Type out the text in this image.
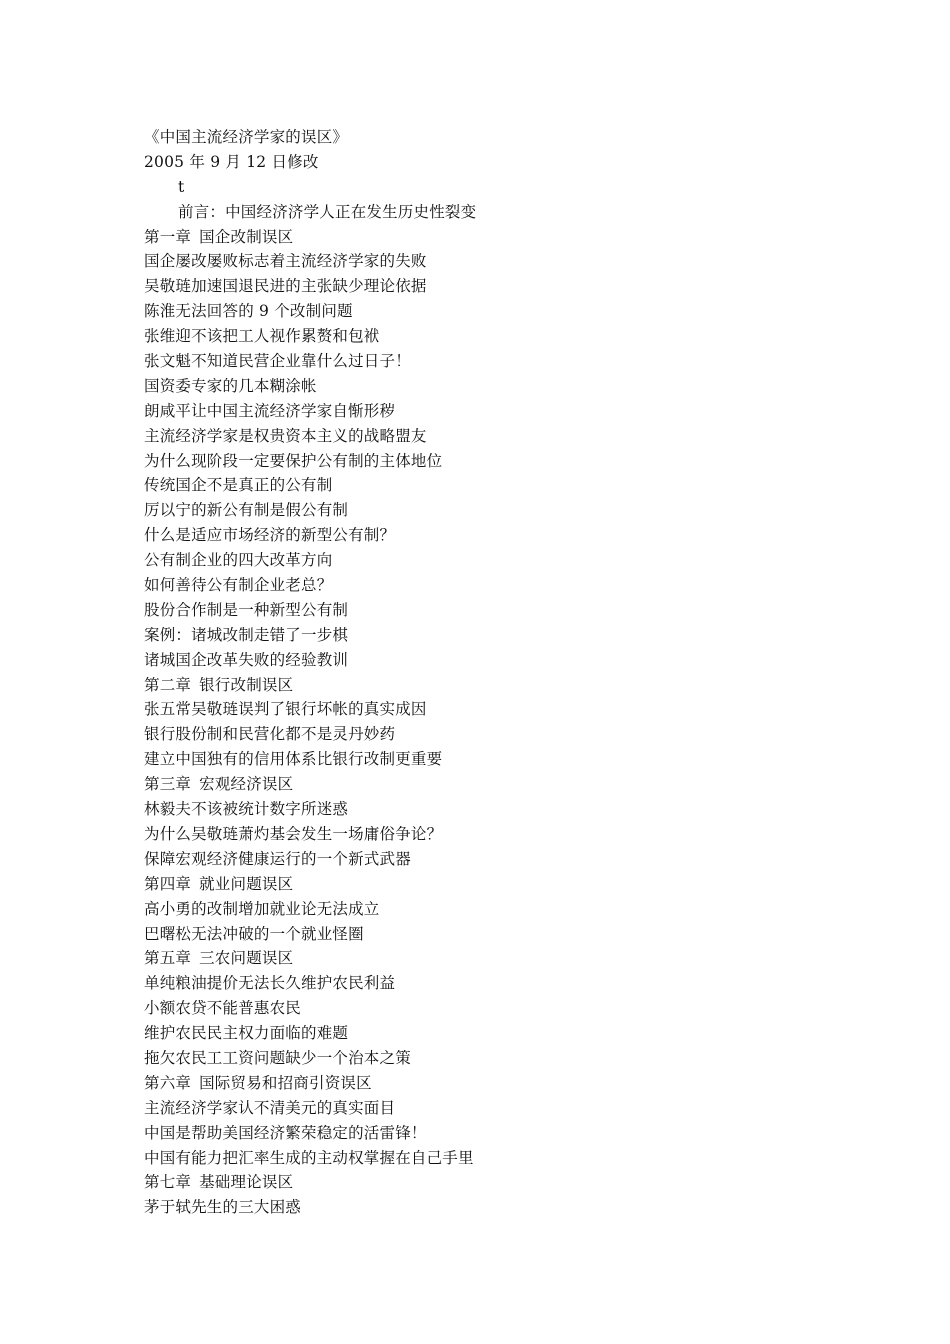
《中国主流经济学家的误区》
2005 年 9 月 12 日修改
t
前言：中国经济济学人正在发生历史性裂变
第一章 国企改制误区
国企屡改屡败标志着主流经济学家的失败
吴敬琏加速国退民进的主张缺少理论依据
陈淮无法回答的 9 个改制问题
张维迎不该把工人视作累赘和包袱
张文魁不知道民营企业靠什么过日子！
国资委专家的几本糊涂帐
朗咸平让中国主流经济学家自惭形秽
主流经济学家是权贵资本主义的战略盟友
为什么现阶段一定要保护公有制的主体地位
传统国企不是真正的公有制
厉以宁的新公有制是假公有制
什么是适应市场经济的新型公有制？
公有制企业的四大改革方向
如何善待公有制企业老总？
股份合作制是一种新型公有制
案例：诸城改制走错了一步棋
诸城国企改革失败的经验教训
第二章 银行改制误区
张五常吴敬琏误判了银行坏帐的真实成因
银行股份制和民营化都不是灵丹妙药
建立中国独有的信用体系比银行改制更重要
第三章 宏观经济误区
林毅夫不该被统计数字所迷惑
为什么吴敬琏萧灼基会发生一场庸俗争论？
保障宏观经济健康运行的一个新式武器
第四章 就业问题误区
高小勇的改制增加就业论无法成立
巴曙松无法冲破的一个就业怪圈
第五章 三农问题误区
单纯粮油提价无法长久维护农民利益
小额农贷不能普惠农民
维护农民民主权力面临的难题
拖欠农民工工资问题缺少一个治本之策
第六章 国际贸易和招商引资误区
主流经济学家认不清美元的真实面目
中国是帮助美国经济繁荣稳定的活雷锋！
中国有能力把汇率生成的主动权掌握在自己手里
第七章 基础理论误区
茅于轼先生的三大困惑
